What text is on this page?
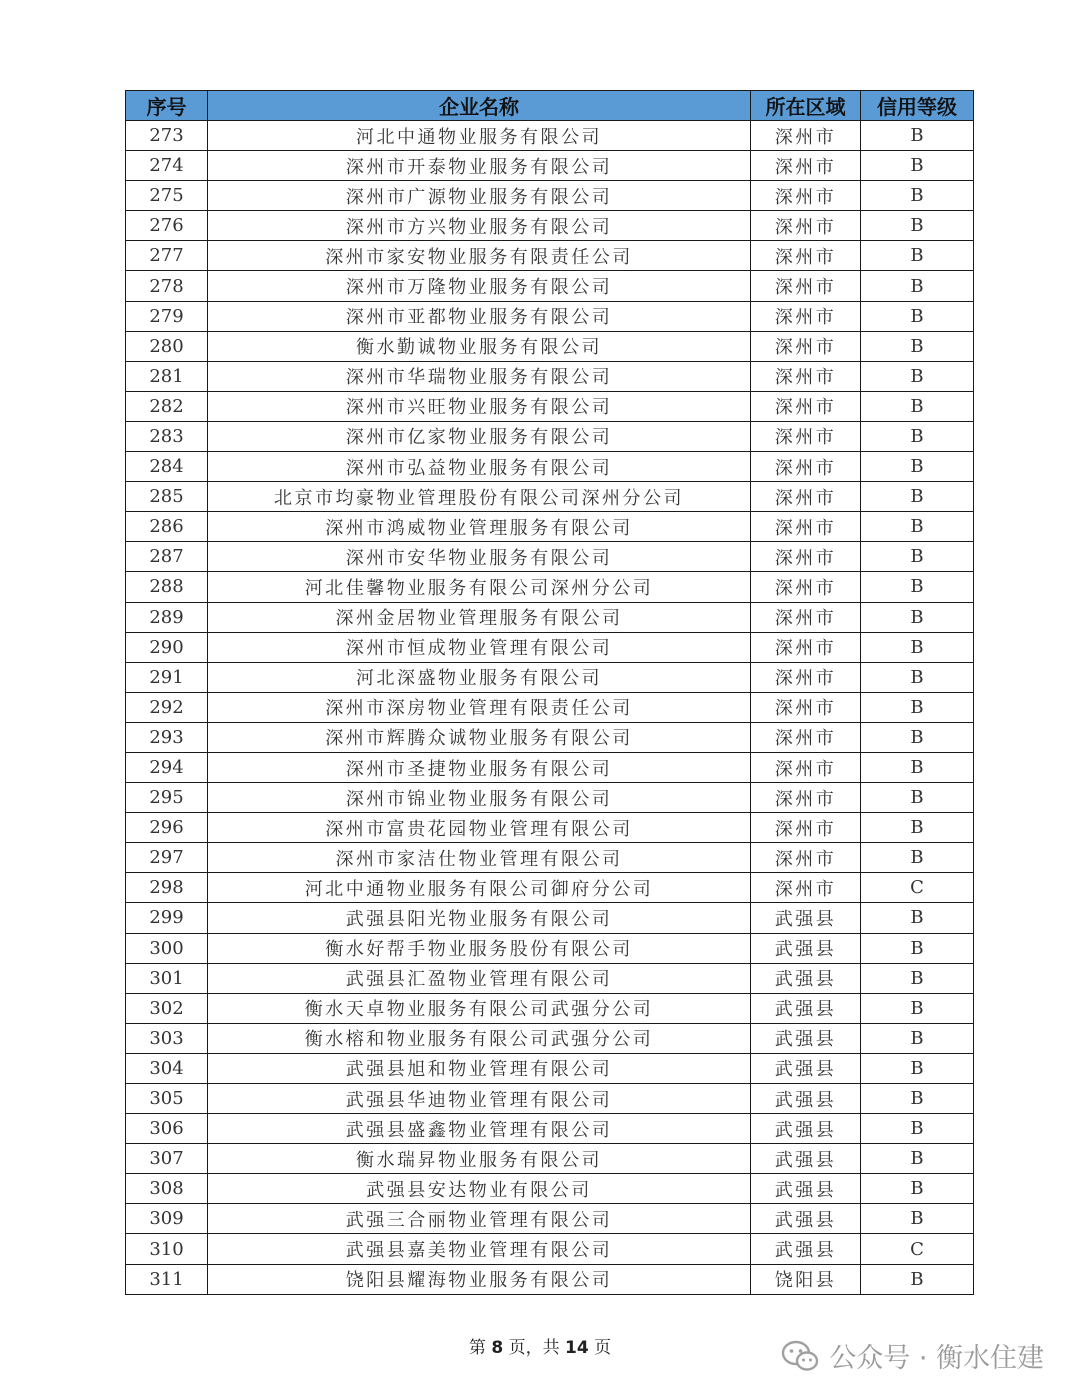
序号	企业名称	所在区域	信用等级
273	河北中通物业服务有限公司	深州市	B
274	深州市开泰物业服务有限公司	深州市	B
275	深州市广源物业服务有限公司	深州市	B
276	深州市方兴物业服务有限公司	深州市	B
277	深州市家安物业服务有限责任公司	深州市	B
278	深州市万隆物业服务有限公司	深州市	B
279	深州市亚都物业服务有限公司	深州市	B
280	衡水勤诚物业服务有限公司	深州市	B
281	深州市华瑞物业服务有限公司	深州市	B
282	深州市兴旺物业服务有限公司	深州市	B
283	深州市亿家物业服务有限公司	深州市	B
284	深州市弘益物业服务有限公司	深州市	B
285	北京市均豪物业管理股份有限公司深州分公司	深州市	B
286	深州市鸿威物业管理服务有限公司	深州市	B
287	深州市安华物业服务有限公司	深州市	B
288	河北佳馨物业服务有限公司深州分公司	深州市	B
289	深州金居物业管理服务有限公司	深州市	B
290	深州市恒成物业管理有限公司	深州市	B
291	河北深盛物业服务有限公司	深州市	B
292	深州市深房物业管理有限责任公司	深州市	B
293	深州市辉腾众诚物业服务有限公司	深州市	B
294	深州市圣捷物业服务有限公司	深州市	B
295	深州市锦业物业服务有限公司	深州市	B
296	深州市富贵花园物业管理有限公司	深州市	B
297	深州市家洁仕物业管理有限公司	深州市	B
298	河北中通物业服务有限公司御府分公司	深州市	C
299	武强县阳光物业服务有限公司	武强县	B
300	衡水好帮手物业服务股份有限公司	武强县	B
301	武强县汇盈物业管理有限公司	武强县	B
302	衡水天卓物业服务有限公司武强分公司	武强县	B
303	衡水榕和物业服务有限公司武强分公司	武强县	B
304	武强县旭和物业管理有限公司	武强县	B
305	武强县华迪物业管理有限公司	武强县	B
306	武强县盛鑫物业管理有限公司	武强县	B
307	衡水瑞昇物业服务有限公司	武强县	B
308	武强县安达物业有限公司	武强县	B
309	武强三合丽物业管理有限公司	武强县	B
310	武强县嘉美物业管理有限公司	武强县	C
311	饶阳县耀海物业服务有限公司	饶阳县	B
第 8 页，共 14 页	公众号 · 衡水住建
